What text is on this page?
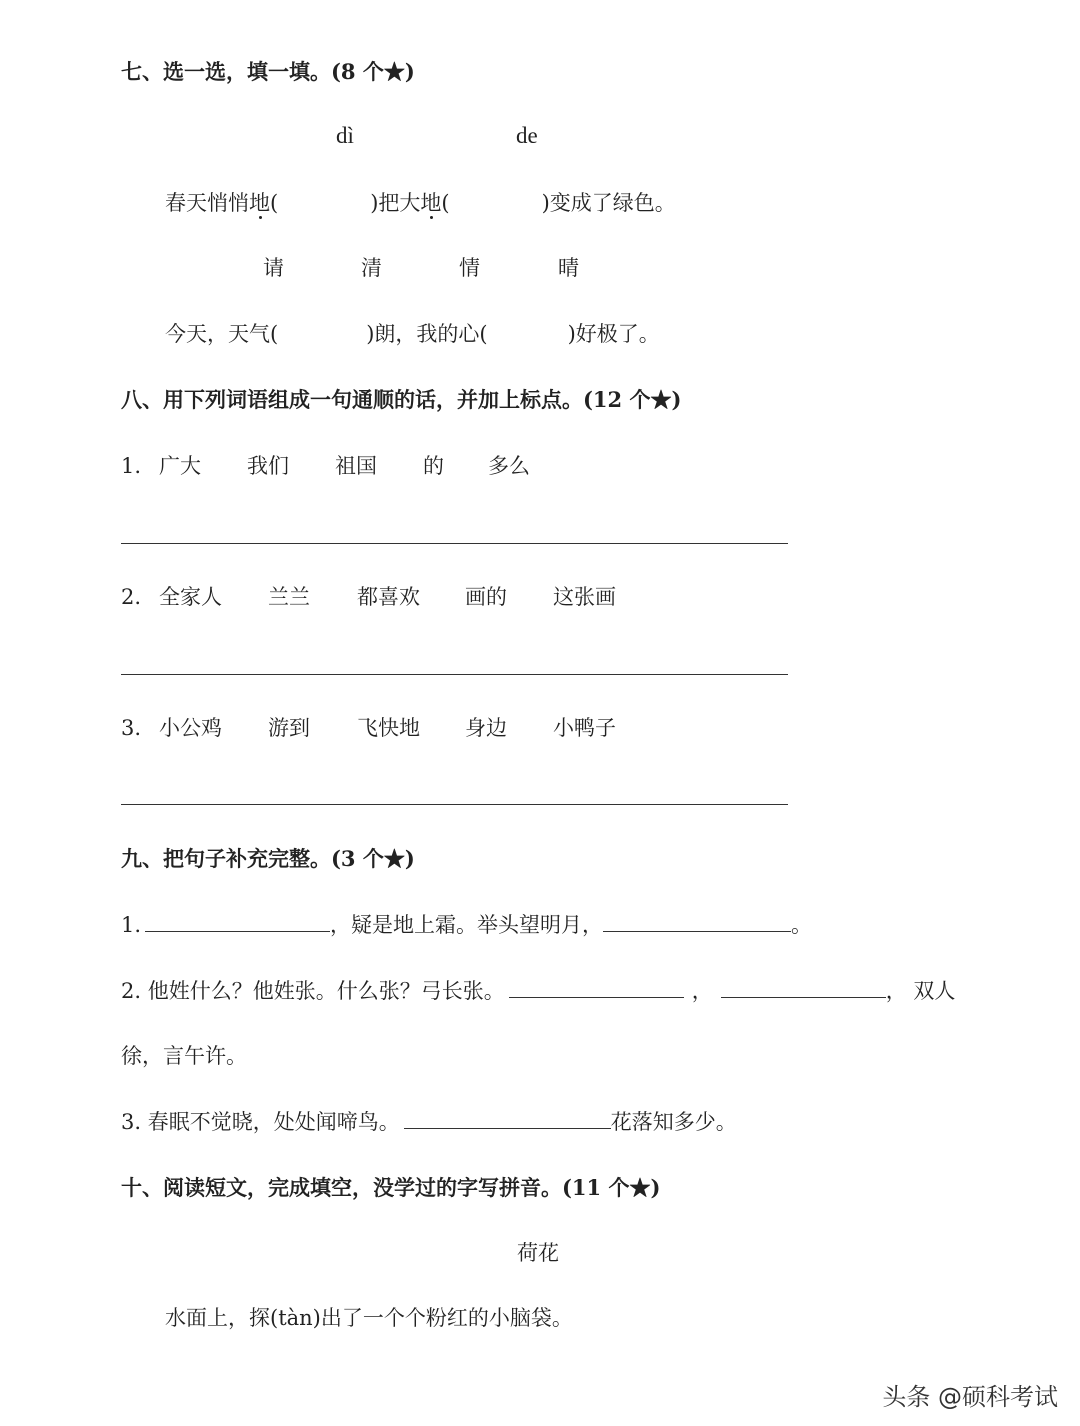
七、选一选，填一填。(8 个★)
dì	de
春天悄悄地(	)把大地(	)变成了绿色。
请	清	情	晴
今天，天气(	)朗，我的心(	)好极了。
八、用下列词语组成一句通顺的话，并加上标点。(12 个★)
1. 广大 我们 祖国 的 多么
2. 全家人 兰兰 都喜欢 画的 这张画
3. 小公鸡 游到 飞快地 身边 小鸭子
九、把句子补充完整。(3 个★)
1.	，疑是地上霜。举头望明月，	。
2. 他姓什么？他姓张。什么张？弓长张。	，	， 双人
徐，言午许。
3. 春眠不觉晓，处处闻啼鸟。	花落知多少。
十、阅读短文，完成填空，没学过的字写拼音。(11 个★)
荷花
水面上，探(tàn)出了一个个粉红的小脑袋。
头条 @硕科考试
